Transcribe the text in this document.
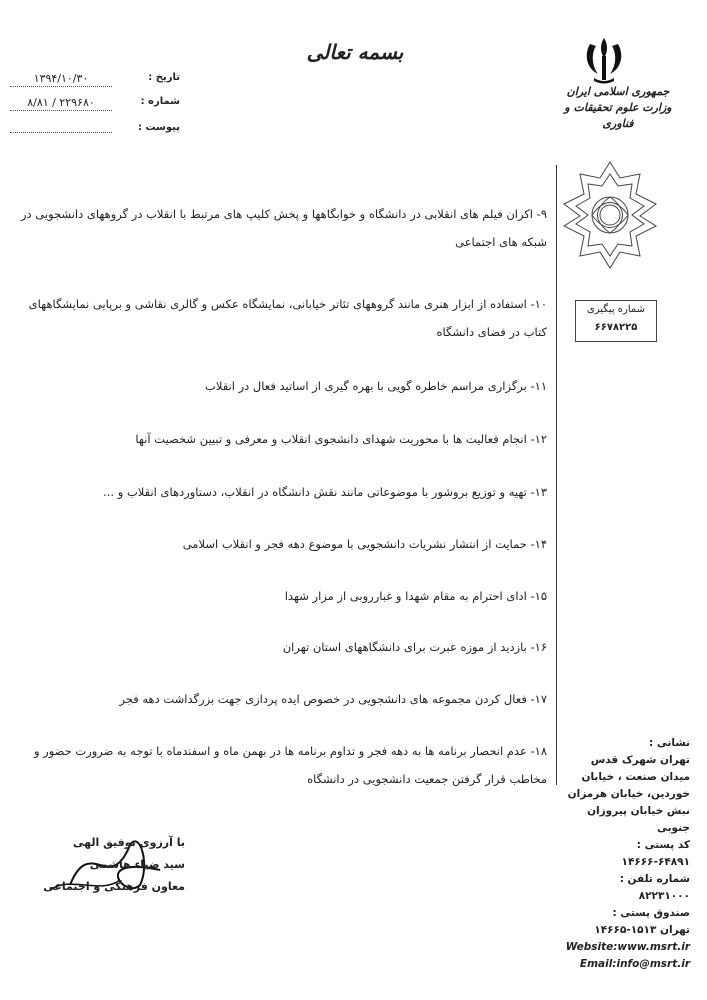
بسمه تعالی
جمهوری اسلامی ایران
وزارت علوم تحقیقات و فناوری
تاریخ :
۱۳۹۴/۱۰/۳۰
شماره :
۸/۸۱ / ۲۲۹۶۸۰
پیوست :
شماره پیگیری
۶۶۷۸۲۲۵
۹- اکران فیلم های انقلابی در دانشگاه و خوابگاهها و پخش کلیپ های مرتبط با انقلاب در گروههای دانشجویی در شبکه های اجتماعی
۱۰- استفاده از ابزار هنری مانند گروههای تئاتر خیابانی، نمایشگاه عکس و گالری نقاشی و برپایی نمایشگاههای کتاب در فضای دانشگاه
۱۱- برگزاری مراسم خاطره گویی با بهره گیری از اساتید فعال در انقلاب
۱۲- انجام فعالیت ها با محوریت شهدای دانشجوی انقلاب و معرفی و تبیین شخصیت آنها
۱۳- تهیه و توزیع بروشور با موضوعاتی مانند نقش دانشگاه در انقلاب، دستاوردهای انقلاب و ...
۱۴- حمایت از انتشار نشریات دانشجویی با موضوع دهه فجر و انقلاب اسلامی
۱۵- ادای احترام به مقام شهدا و غبارروبی از مزار شهدا
۱۶- بازدید از موزه عبرت برای دانشگاههای استان تهران
۱۷- فعال کردن مجموعه های دانشجویی در خصوص ایده پردازی جهت بزرگداشت دهه فجر
۱۸- عدم انحصار برنامه ها به دهه فجر و تداوم برنامه ها در بهمن ماه و اسفندماه با توجه به ضرورت حضور و مخاطب قرار گرفتن جمعیت دانشجویی در دانشگاه
با آرزوی توفیق الهی
سید ضیاء هاشمی
معاون فرهنگی و اجتماعی
نشانی :
تهران شهرک قدس
میدان صنعت ، خیابان
خوردین، خیابان هرمزان
نبش خیابان پیروزان جنوبی
کد پستی : ۶۴۸۹۱-۱۴۶۶۶
شماره تلفن : ۸۲۲۳۱۰۰۰
صندوق پستی :
تهران ۱۵۱۳-۱۴۶۶۵
Website:www.msrt.ir
Email:info@msrt.ir
